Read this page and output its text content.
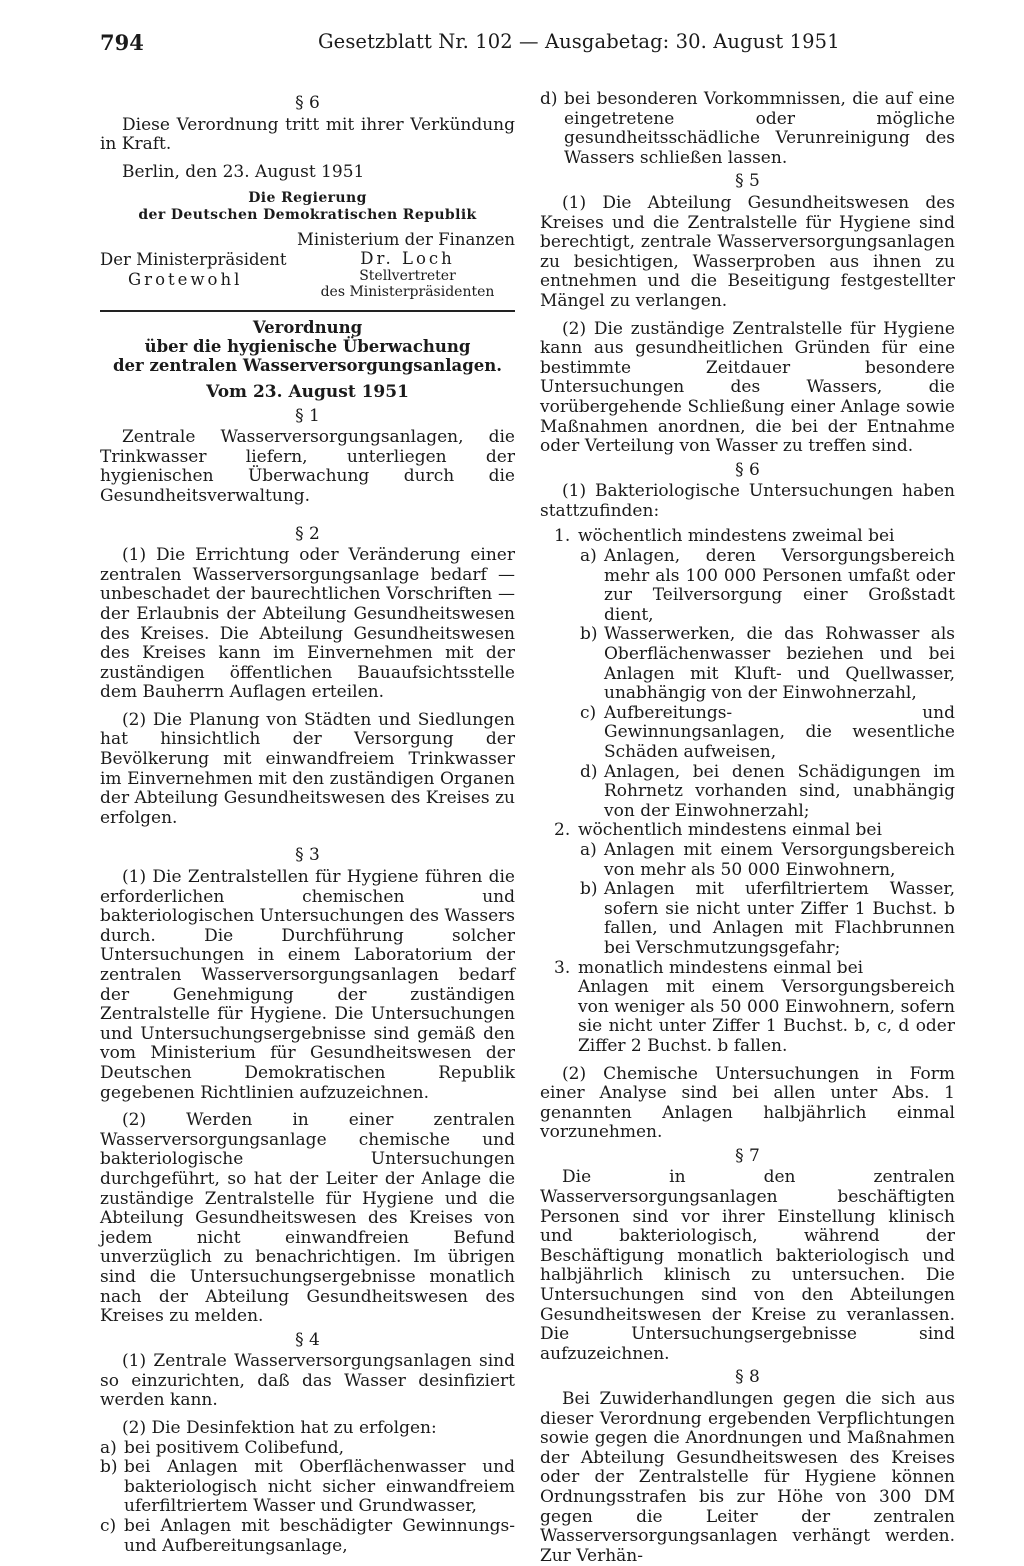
794	Gesetzblatt Nr. 102 — Ausgabetag: 30. August 1951
§ 6

Diese Verordnung tritt mit ihrer Verkündung in Kraft.

Berlin, den 23. August 1951

Die Regierung
der Deutschen Demokratischen Republik
Ministerium der Finanzen
Der Ministerpräsident
Grotewohl
Dr. Loch
Stellvertreter
des Ministerpräsidenten
Verordnung
über die hygienische Überwachung
der zentralen Wasserversorgungsanlagen.
Vom 23. August 1951
§ 1

Zentrale Wasserversorgungsanlagen, die Trinkwasser liefern, unterliegen der hygienischen Überwachung durch die Gesundheitsverwaltung.

§ 2

(1) Die Errichtung oder Veränderung einer zentralen Wasserversorgungsanlage bedarf — unbeschadet der baurechtlichen Vorschriften — der Erlaubnis der Abteilung Gesundheitswesen des Kreises. Die Abteilung Gesundheitswesen des Kreises kann im Einvernehmen mit der zuständigen öffentlichen Bauaufsichtsstelle dem Bauherrn Auflagen erteilen.

(2) Die Planung von Städten und Siedlungen hat hinsichtlich der Versorgung der Bevölkerung mit einwandfreiem Trinkwasser im Einvernehmen mit den zuständigen Organen der Abteilung Gesundheitswesen des Kreises zu erfolgen.

§ 3

(1) Die Zentralstellen für Hygiene führen die erforderlichen chemischen und bakteriologischen Untersuchungen des Wassers durch. Die Durchführung solcher Untersuchungen in einem Laboratorium der zentralen Wasserversorgungsanlagen bedarf der Genehmigung der zuständigen Zentralstelle für Hygiene. Die Untersuchungen und Untersuchungsergebnisse sind gemäß den vom Ministerium für Gesundheitswesen der Deutschen Demokratischen Republik gegebenen Richtlinien aufzuzeichnen.

(2) Werden in einer zentralen Wasserversorgungsanlage chemische und bakteriologische Untersuchungen durchgeführt, so hat der Leiter der Anlage die zuständige Zentralstelle für Hygiene und die Abteilung Gesundheitswesen des Kreises von jedem nicht einwandfreien Befund unverzüglich zu benachrichtigen. Im übrigen sind die Untersuchungsergebnisse monatlich nach der Abteilung Gesundheitswesen des Kreises zu melden.

§ 4

(1) Zentrale Wasserversorgungsanlagen sind so einzurichten, daß das Wasser desinfiziert werden kann.

(2) Die Desinfektion hat zu erfolgen:

a) bei positivem Colibefund,
b) bei Anlagen mit Oberflächenwasser und bakteriologisch nicht sicher einwandfreiem uferfiltriertem Wasser und Grundwasser,
c) bei Anlagen mit beschädigter Gewinnungs- und Aufbereitungsanlage,
d) bei besonderen Vorkommnissen, die auf eine eingetretene oder mögliche gesundheitsschädliche Verunreinigung des Wassers schließen lassen.
§ 5

(1) Die Abteilung Gesundheitswesen des Kreises und die Zentralstelle für Hygiene sind berechtigt, zentrale Wasserversorgungsanlagen zu besichtigen, Wasserproben aus ihnen zu entnehmen und die Beseitigung festgestellter Mängel zu verlangen.

(2) Die zuständige Zentralstelle für Hygiene kann aus gesundheitlichen Gründen für eine bestimmte Zeitdauer besondere Untersuchungen des Wassers, die vorübergehende Schließung einer Anlage sowie Maßnahmen anordnen, die bei der Entnahme oder Verteilung von Wasser zu treffen sind.

§ 6

(1) Bakteriologische Untersuchungen haben stattzufinden:

1. wöchentlich mindestens zweimal bei
a) Anlagen, deren Versorgungsbereich mehr als 100 000 Personen umfaßt oder zur Teilversorgung einer Großstadt dient,
b) Wasserwerken, die das Rohwasser als Oberflächenwasser beziehen und bei Anlagen mit Kluft- und Quellwasser, unabhängig von der Einwohnerzahl,
c) Aufbereitungs- und Gewinnungsanlagen, die wesentliche Schäden aufweisen,
d) Anlagen, bei denen Schädigungen im Rohrnetz vorhanden sind, unabhängig von der Einwohnerzahl;
2. wöchentlich mindestens einmal bei
a) Anlagen mit einem Versorgungsbereich von mehr als 50 000 Einwohnern,
b) Anlagen mit uferfiltriertem Wasser, sofern sie nicht unter Ziffer 1 Buchst. b fallen, und Anlagen mit Flachbrunnen bei Verschmutzungsgefahr;
3. monatlich mindestens einmal bei
Anlagen mit einem Versorgungsbereich von weniger als 50 000 Einwohnern, sofern sie nicht unter Ziffer 1 Buchst. b, c, d oder Ziffer 2 Buchst. b fallen.

(2) Chemische Untersuchungen in Form einer Analyse sind bei allen unter Abs. 1 genannten Anlagen halbjährlich einmal vorzunehmen.

§ 7

Die in den zentralen Wasserversorgungsanlagen beschäftigten Personen sind vor ihrer Einstellung klinisch und bakteriologisch, während der Beschäftigung monatlich bakteriologisch und halbjährlich klinisch zu untersuchen. Die Untersuchungen sind von den Abteilungen Gesundheitswesen der Kreise zu veranlassen. Die Untersuchungsergebnisse sind aufzuzeichnen.

§ 8

Bei Zuwiderhandlungen gegen die sich aus dieser Verordnung ergebenden Verpflichtungen sowie gegen die Anordnungen und Maßnahmen der Abteilung Gesundheitswesen des Kreises oder der Zentralstelle für Hygiene können Ordnungsstrafen bis zur Höhe von 300 DM gegen die Leiter der zentralen Wasserversorgungsanlagen verhängt werden. Zur Verhän-
